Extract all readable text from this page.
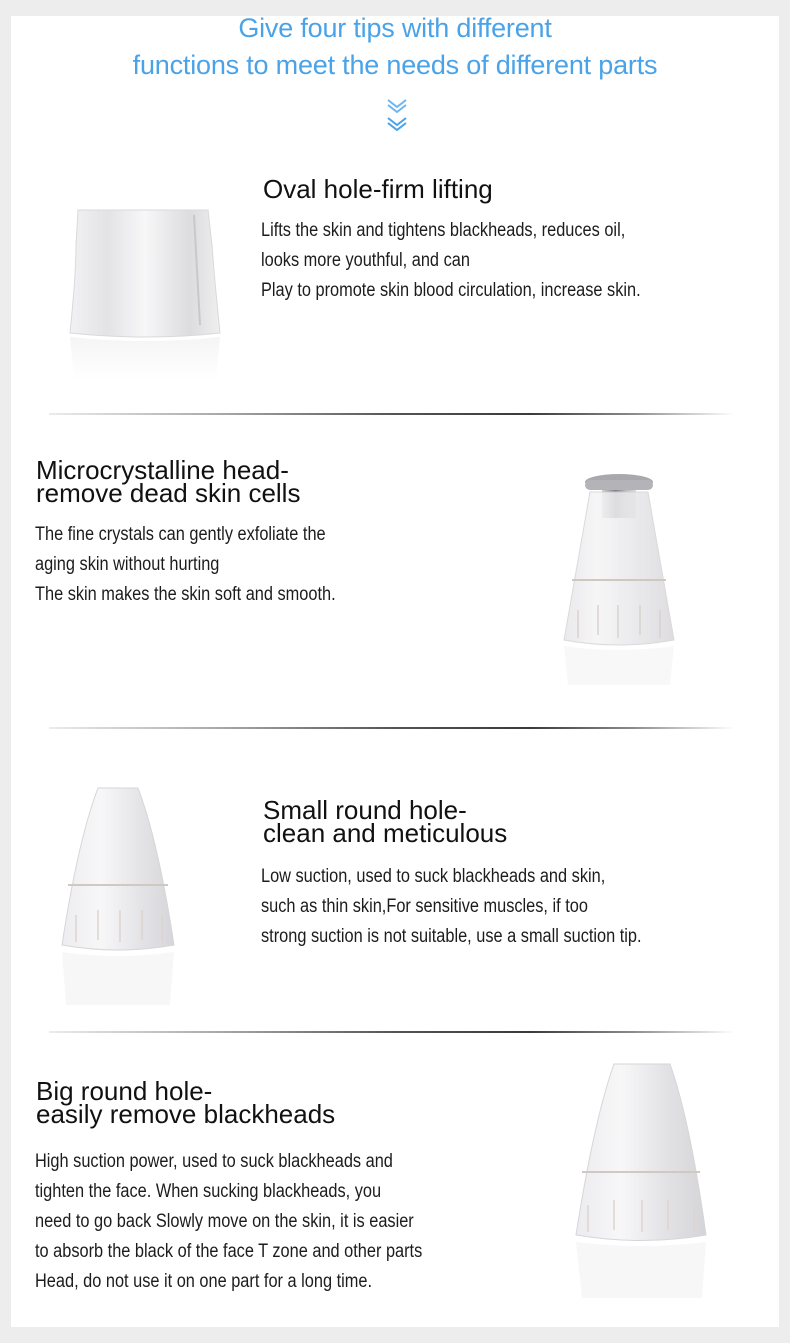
Give four tips with different
functions to meet the needs of different parts
Oval hole-firm lifting
Lifts the skin and tightens blackheads, reduces oil,
looks more youthful, and can
Play to promote skin blood circulation, increase skin.
Microcrystalline head-
remove dead skin cells
The fine crystals can gently exfoliate the
aging skin without hurting
The skin makes the skin soft and smooth.
Small round hole-
clean and meticulous
Low suction, used to suck blackheads and skin,
such as thin skin,For sensitive muscles, if too
strong suction is not suitable, use a small suction tip.
Big round hole-
easily remove blackheads
High suction power, used to suck blackheads and
tighten the face. When sucking blackheads, you
need to go back Slowly move on the skin, it is easier
to absorb the black of the face T zone and other parts
Head, do not use it on one part for a long time.
